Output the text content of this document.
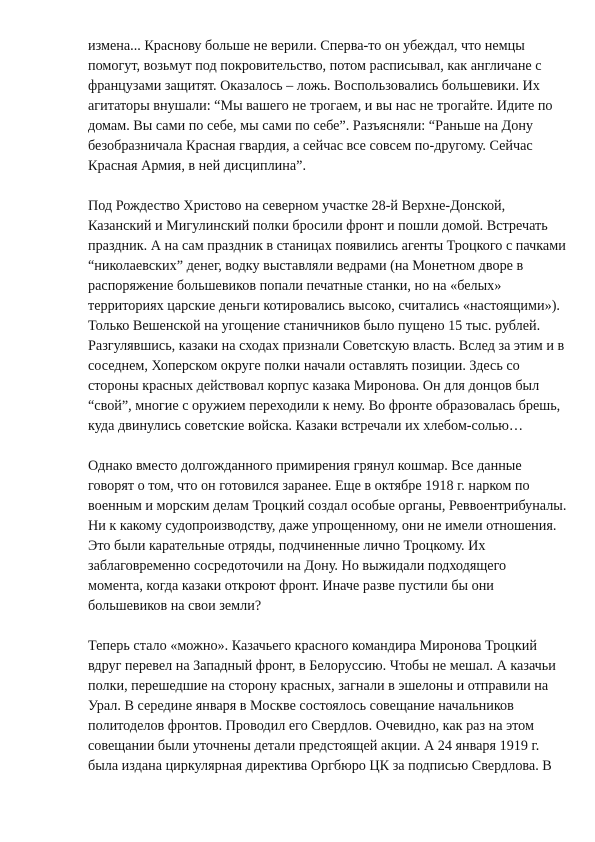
измена... Краснову больше не верили. Сперва-то он убеждал, что немцы
помогут, возьмут под покровительство, потом расписывал, как англичане с
французами защитят. Оказалось – ложь. Воспользовались большевики. Их
агитаторы внушали: “Мы вашего не трогаем, и вы нас не трогайте. Идите по
домам. Вы сами по себе, мы сами по себе”. Разъясняли: “Раньше на Дону
безобразничала Красная гвардия, а сейчас все совсем по-другому. Сейчас
Красная Армия, в ней дисциплина”.

Под Рождество Христово на северном участке 28-й Верхне-Донской,
Казанский и Мигулинский полки бросили фронт и пошли домой. Встречать
праздник. А на сам праздник в станицах появились агенты Троцкого с пачками
“николаевских” денег, водку выставляли ведрами (на Монетном дворе в
распоряжение большевиков попали печатные станки, но на «белых»
территориях царские деньги котировались высоко, считались «настоящими»).
Только Вешенской на угощение станичников было пущено 15 тыс. рублей.
Разгулявшись, казаки на сходах признали Советскую власть. Вслед за этим и в
соседнем, Хоперском округе полки начали оставлять позиции. Здесь со
стороны красных действовал корпус казака Миронова. Он для донцов был
“свой”, многие с оружием переходили к нему. Во фронте образовалась брешь,
куда двинулись советские войска. Казаки встречали их хлебом-солью…

Однако вместо долгожданного примирения грянул кошмар. Все данные
говорят о том, что он готовился заранее. Еще в октябре 1918 г. нарком по
военным и морским делам Троцкий создал особые органы, Реввоентрибуналы.
Ни к какому судопроизводству, даже упрощенному, они не имели отношения.
Это были карательные отряды, подчиненные лично Троцкому. Их
заблаговременно сосредоточили на Дону. Но выжидали подходящего
момента, когда казаки откроют фронт. Иначе разве пустили бы они
большевиков на свои земли?

Теперь стало «можно». Казачьего красного командира Миронова Троцкий
вдруг перевел на Западный фронт, в Белоруссию. Чтобы не мешал. А казачьи
полки, перешедшие на сторону красных, загнали в эшелоны и отправили на
Урал. В середине января в Москве состоялось совещание начальников
политоделов фронтов. Проводил его Свердлов. Очевидно, как раз на этом
совещании были уточнены детали предстоящей акции. А 24 января 1919 г.
была издана циркулярная директива Оргбюро ЦК за подписью Свердлова. В
